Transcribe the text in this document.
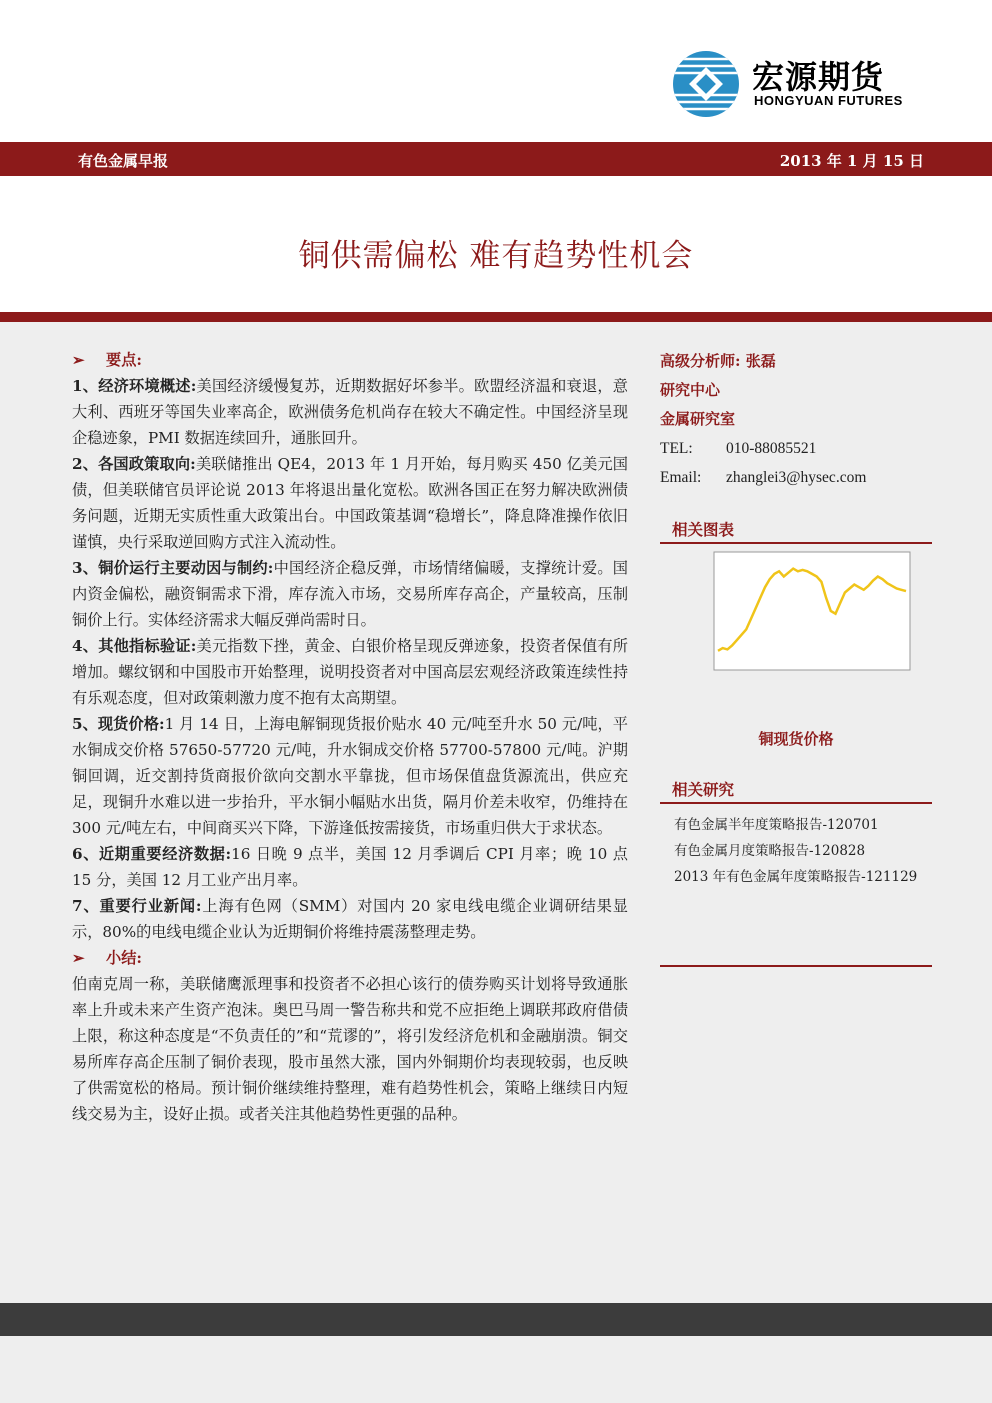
宏源期货
HONGYUAN FUTURES
有色金属早报	2013 年 1 月 15 日
铜供需偏松 难有趋势性机会

➢ 要点:

1、经济环境概述:美国经济缓慢复苏，近期数据好坏参半。欧盟经济温和衰退，意大利、西班牙等国失业率高企，欧洲债务危机尚存在较大不确定性。中国经济呈现企稳迹象，PMI 数据连续回升，通胀回升。

2、各国政策取向:美联储推出 QE4，2013 年 1 月开始，每月购买 450 亿美元国债，但美联储官员评论说 2013 年将退出量化宽松。欧洲各国正在努力解决欧洲债务问题，近期无实质性重大政策出台。中国政策基调“稳增长”，降息降准操作依旧谨慎，央行采取逆回购方式注入流动性。

3、铜价运行主要动因与制约:中国经济企稳反弹，市场情绪偏暖，支撑统计爱。国内资金偏松，融资铜需求下滑，库存流入市场，交易所库存高企，产量较高，压制铜价上行。实体经济需求大幅反弹尚需时日。

4、其他指标验证:美元指数下挫，黄金、白银价格呈现反弹迹象，投资者保值有所增加。螺纹钢和中国股市开始整理，说明投资者对中国高层宏观经济政策连续性持有乐观态度，但对政策刺激力度不抱有太高期望。

5、现货价格:1 月 14 日，上海电解铜现货报价贴水 40 元/吨至升水 50 元/吨，平水铜成交价格 57650-57720 元/吨，升水铜成交价格 57700-57800 元/吨。沪期铜回调，近交割持货商报价欲向交割水平靠拢，但市场保值盘货源流出，供应充足，现铜升水难以进一步抬升，平水铜小幅贴水出货，隔月价差未收窄，仍维持在 300 元/吨左右，中间商买兴下降，下游逢低按需接货，市场重归供大于求状态。

6、近期重要经济数据:16 日晚 9 点半，美国 12 月季调后 CPI 月率；晚 10 点 15 分，美国 12 月工业产出月率。

7、重要行业新闻:上海有色网（SMM）对国内 20 家电线电缆企业调研结果显示，80%的电线电缆企业认为近期铜价将维持震荡整理走势。

➢ 小结:

伯南克周一称，美联储鹰派理事和投资者不必担心该行的债券购买计划将导致通胀率上升或未来产生资产泡沫。奥巴马周一警告称共和党不应拒绝上调联邦政府借债上限，称这种态度是“不负责任的”和“荒谬的”，将引发经济危机和金融崩溃。铜交易所库存高企压制了铜价表现，股市虽然大涨，国内外铜期价均表现较弱，也反映了供需宽松的格局。预计铜价继续维持整理，难有趋势性机会，策略上继续日内短线交易为主，设好止损。或者关注其他趋势性更强的品种。

高级分析师: 张磊
研究中心
金属研究室
TEL: 010-88085521
Email: zhanglei3@hysec.com
相关图表
铜现货价格
相关研究
有色金属半年度策略报告-120701
有色金属月度策略报告-120828
2013 年有色金属年度策略报告-121129
